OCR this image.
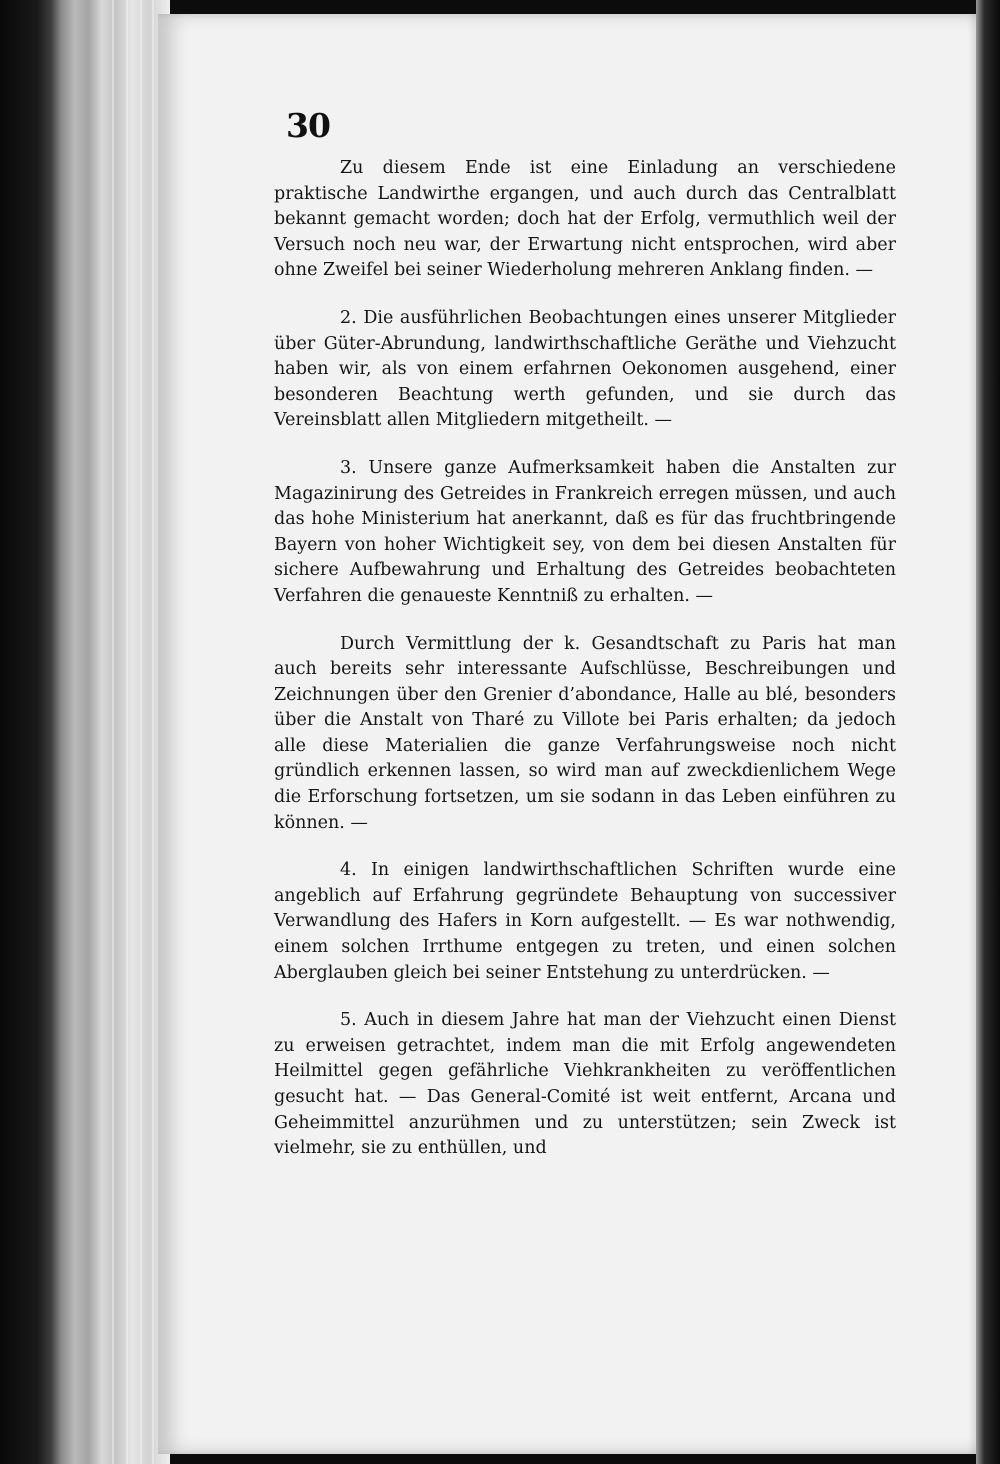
30

Zu diesem Ende ist eine Einladung an verschiedene praktische Landwirthe ergangen, und auch durch das Centralblatt bekannt gemacht worden; doch hat der Erfolg, vermuthlich weil der Versuch noch neu war, der Erwartung nicht entsprochen, wird aber ohne Zweifel bei seiner Wiederholung mehreren Anklang finden. —

2. Die ausführlichen Beobachtungen eines unserer Mitglieder über Güter-Abrundung, landwirthschaftliche Geräthe und Viehzucht haben wir, als von einem erfahrnen Oekonomen ausgehend, einer besonderen Beachtung werth gefunden, und sie durch das Vereinsblatt allen Mitgliedern mitgetheilt. —

3. Unsere ganze Aufmerksamkeit haben die Anstalten zur Magazinirung des Getreides in Frankreich erregen müssen, und auch das hohe Ministerium hat anerkannt, daß es für das fruchtbringende Bayern von hoher Wichtigkeit sey, von dem bei diesen Anstalten für sichere Aufbewahrung und Erhaltung des Getreides beobachteten Verfahren die genaueste Kenntniß zu erhalten. —

Durch Vermittlung der k. Gesandtschaft zu Paris hat man auch bereits sehr interessante Aufschlüsse, Beschreibungen und Zeichnungen über den Grenier d’abondance, Halle au blé, besonders über die Anstalt von Tharé zu Villote bei Paris erhalten; da jedoch alle diese Materialien die ganze Verfahrungsweise noch nicht gründlich erkennen lassen, so wird man auf zweckdienlichem Wege die Erforschung fortsetzen, um sie sodann in das Leben einführen zu können. —

4. In einigen landwirthschaftlichen Schriften wurde eine angeblich auf Erfahrung gegründete Behauptung von successiver Verwandlung des Hafers in Korn aufgestellt. — Es war nothwendig, einem solchen Irrthume entgegen zu treten, und einen solchen Aberglauben gleich bei seiner Entstehung zu unterdrücken. —

5. Auch in diesem Jahre hat man der Viehzucht einen Dienst zu erweisen getrachtet, indem man die mit Erfolg angewendeten Heilmittel gegen gefährliche Viehkrankheiten zu veröffentlichen gesucht hat. — Das General-Comité ist weit entfernt, Arcana und Geheimmittel anzurühmen und zu unterstützen; sein Zweck ist vielmehr, sie zu enthüllen, und
